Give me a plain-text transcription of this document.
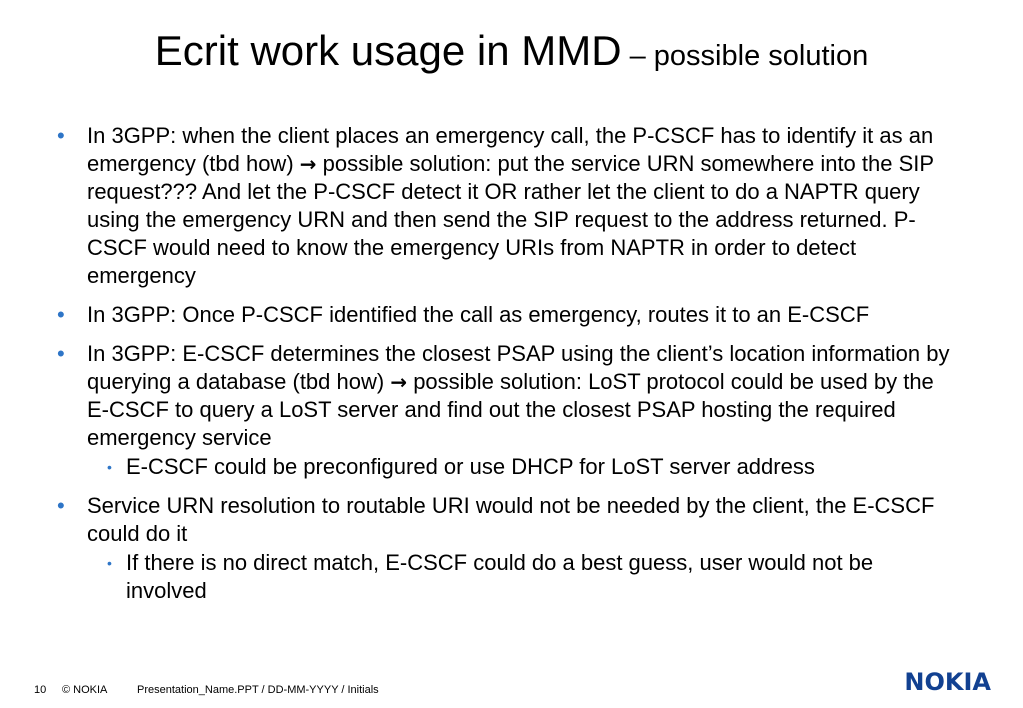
Ecrit work usage in MMD – possible solution
• In 3GPP: when the client places an emergency call, the P-CSCF has to identify it as an emergency (tbd how) → possible solution: put the service URN somewhere into the SIP request??? And let the P-CSCF detect it OR rather let the client to do a NAPTR query using the emergency URN and then send the SIP request to the address returned. P-CSCF would need to know the emergency URIs from NAPTR in order to detect emergency
• In 3GPP: Once P-CSCF identified the call as emergency, routes it to an E-CSCF
• In 3GPP: E-CSCF determines the closest PSAP using the client’s location information by querying a database (tbd how) → possible solution: LoST protocol could be used by the E-CSCF to query a LoST server and find out the closest PSAP hosting the required emergency service
• E-CSCF could be preconfigured or use DHCP for LoST server address
• Service URN resolution to routable URI would not be needed by the client, the E-CSCF could do it
• If there is no direct match, E-CSCF could do a best guess, user would not be involved
10 © NOKIA	Presentation_Name.PPT / DD-MM-YYYY / Initials	NOKIA
